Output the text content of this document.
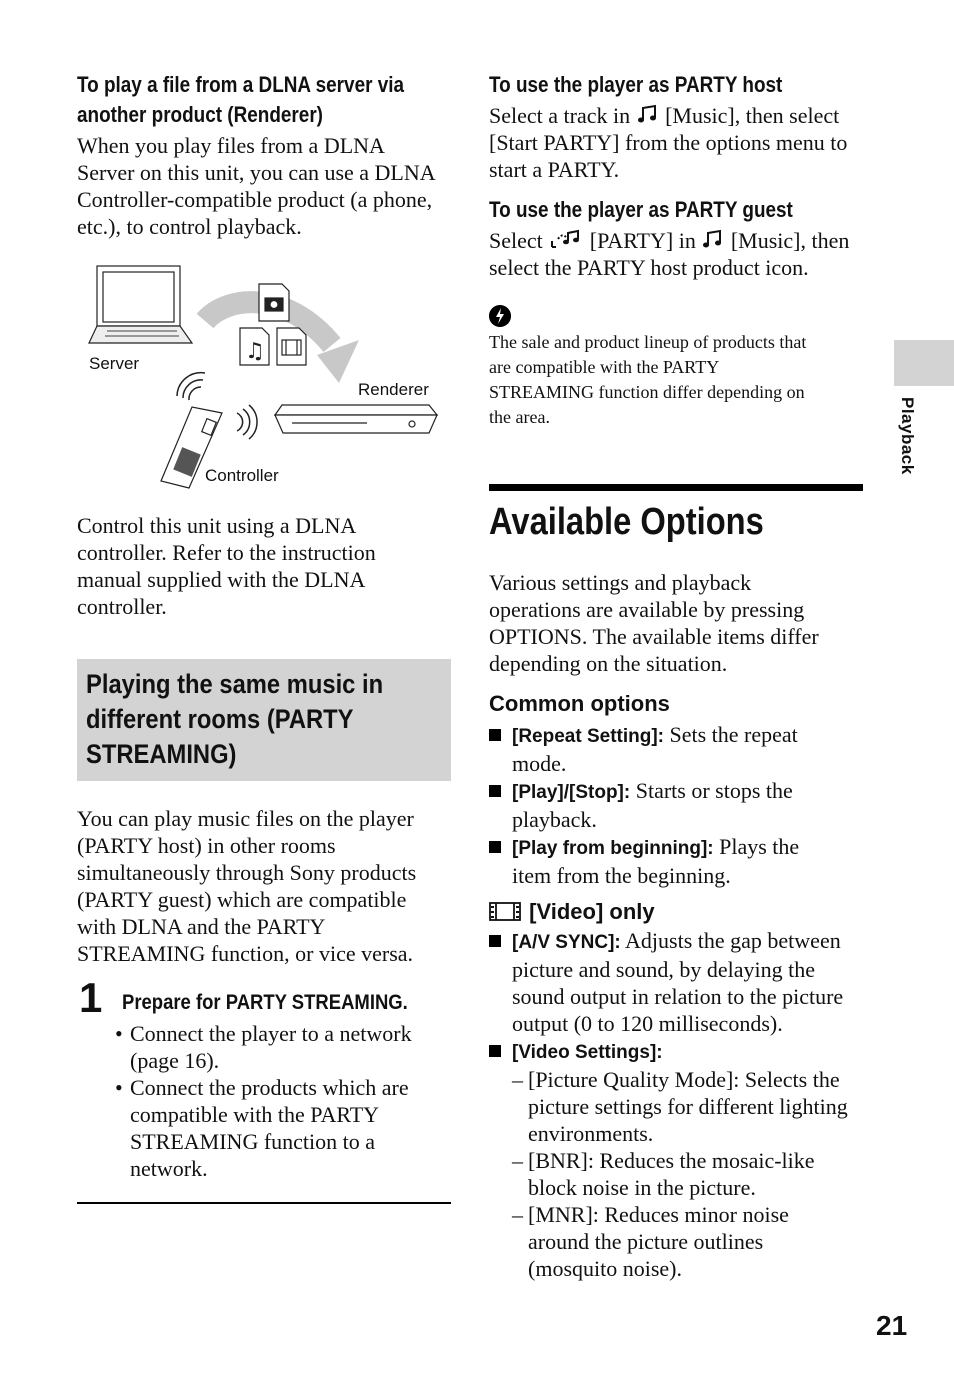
To play a file from a DLNA server via
another product (Renderer)
When you play files from a DLNA
Server on this unit, you can use a DLNA
Controller-compatible product (a phone,
etc.), to control playback.
♫
Server
Renderer
Controller
Control this unit using a DLNA
controller. Refer to the instruction
manual supplied with the DLNA
controller.
Playing the same music in
different rooms (PARTY
STREAMING)
You can play music files on the player
(PARTY host) in other rooms
simultaneously through Sony products
(PARTY guest) which are compatible
with DLNA and the PARTY
STREAMING function, or vice versa.
1 Prepare for PARTY STREAMING.
• Connect the player to a network
(page 16).
• Connect the products which are
compatible with the PARTY
STREAMING function to a
network.
To use the player as PARTY host
Select a track in [Music], then select
[Start PARTY] from the options menu to
start a PARTY.
To use the player as PARTY guest
Select [PARTY] in [Music], then
select the PARTY host product icon.
The sale and product lineup of products that
are compatible with the PARTY
STREAMING function differ depending on
the area.
Available Options
Various settings and playback
operations are available by pressing
OPTIONS. The available items differ
depending on the situation.
Common options
[Repeat Setting]: Sets the repeat
mode.
[Play]/[Stop]: Starts or stops the
playback.
[Play from beginning]: Plays the
item from the beginning.
[Video] only
[A/V SYNC]: Adjusts the gap between
picture and sound, by delaying the
sound output in relation to the picture
output (0 to 120 milliseconds).
[Video Settings]:
– [Picture Quality Mode]: Selects the
picture settings for different lighting
environments.
– [BNR]: Reduces the mosaic-like
block noise in the picture.
– [MNR]: Reduces minor noise
around the picture outlines
(mosquito noise).
Playback
21
